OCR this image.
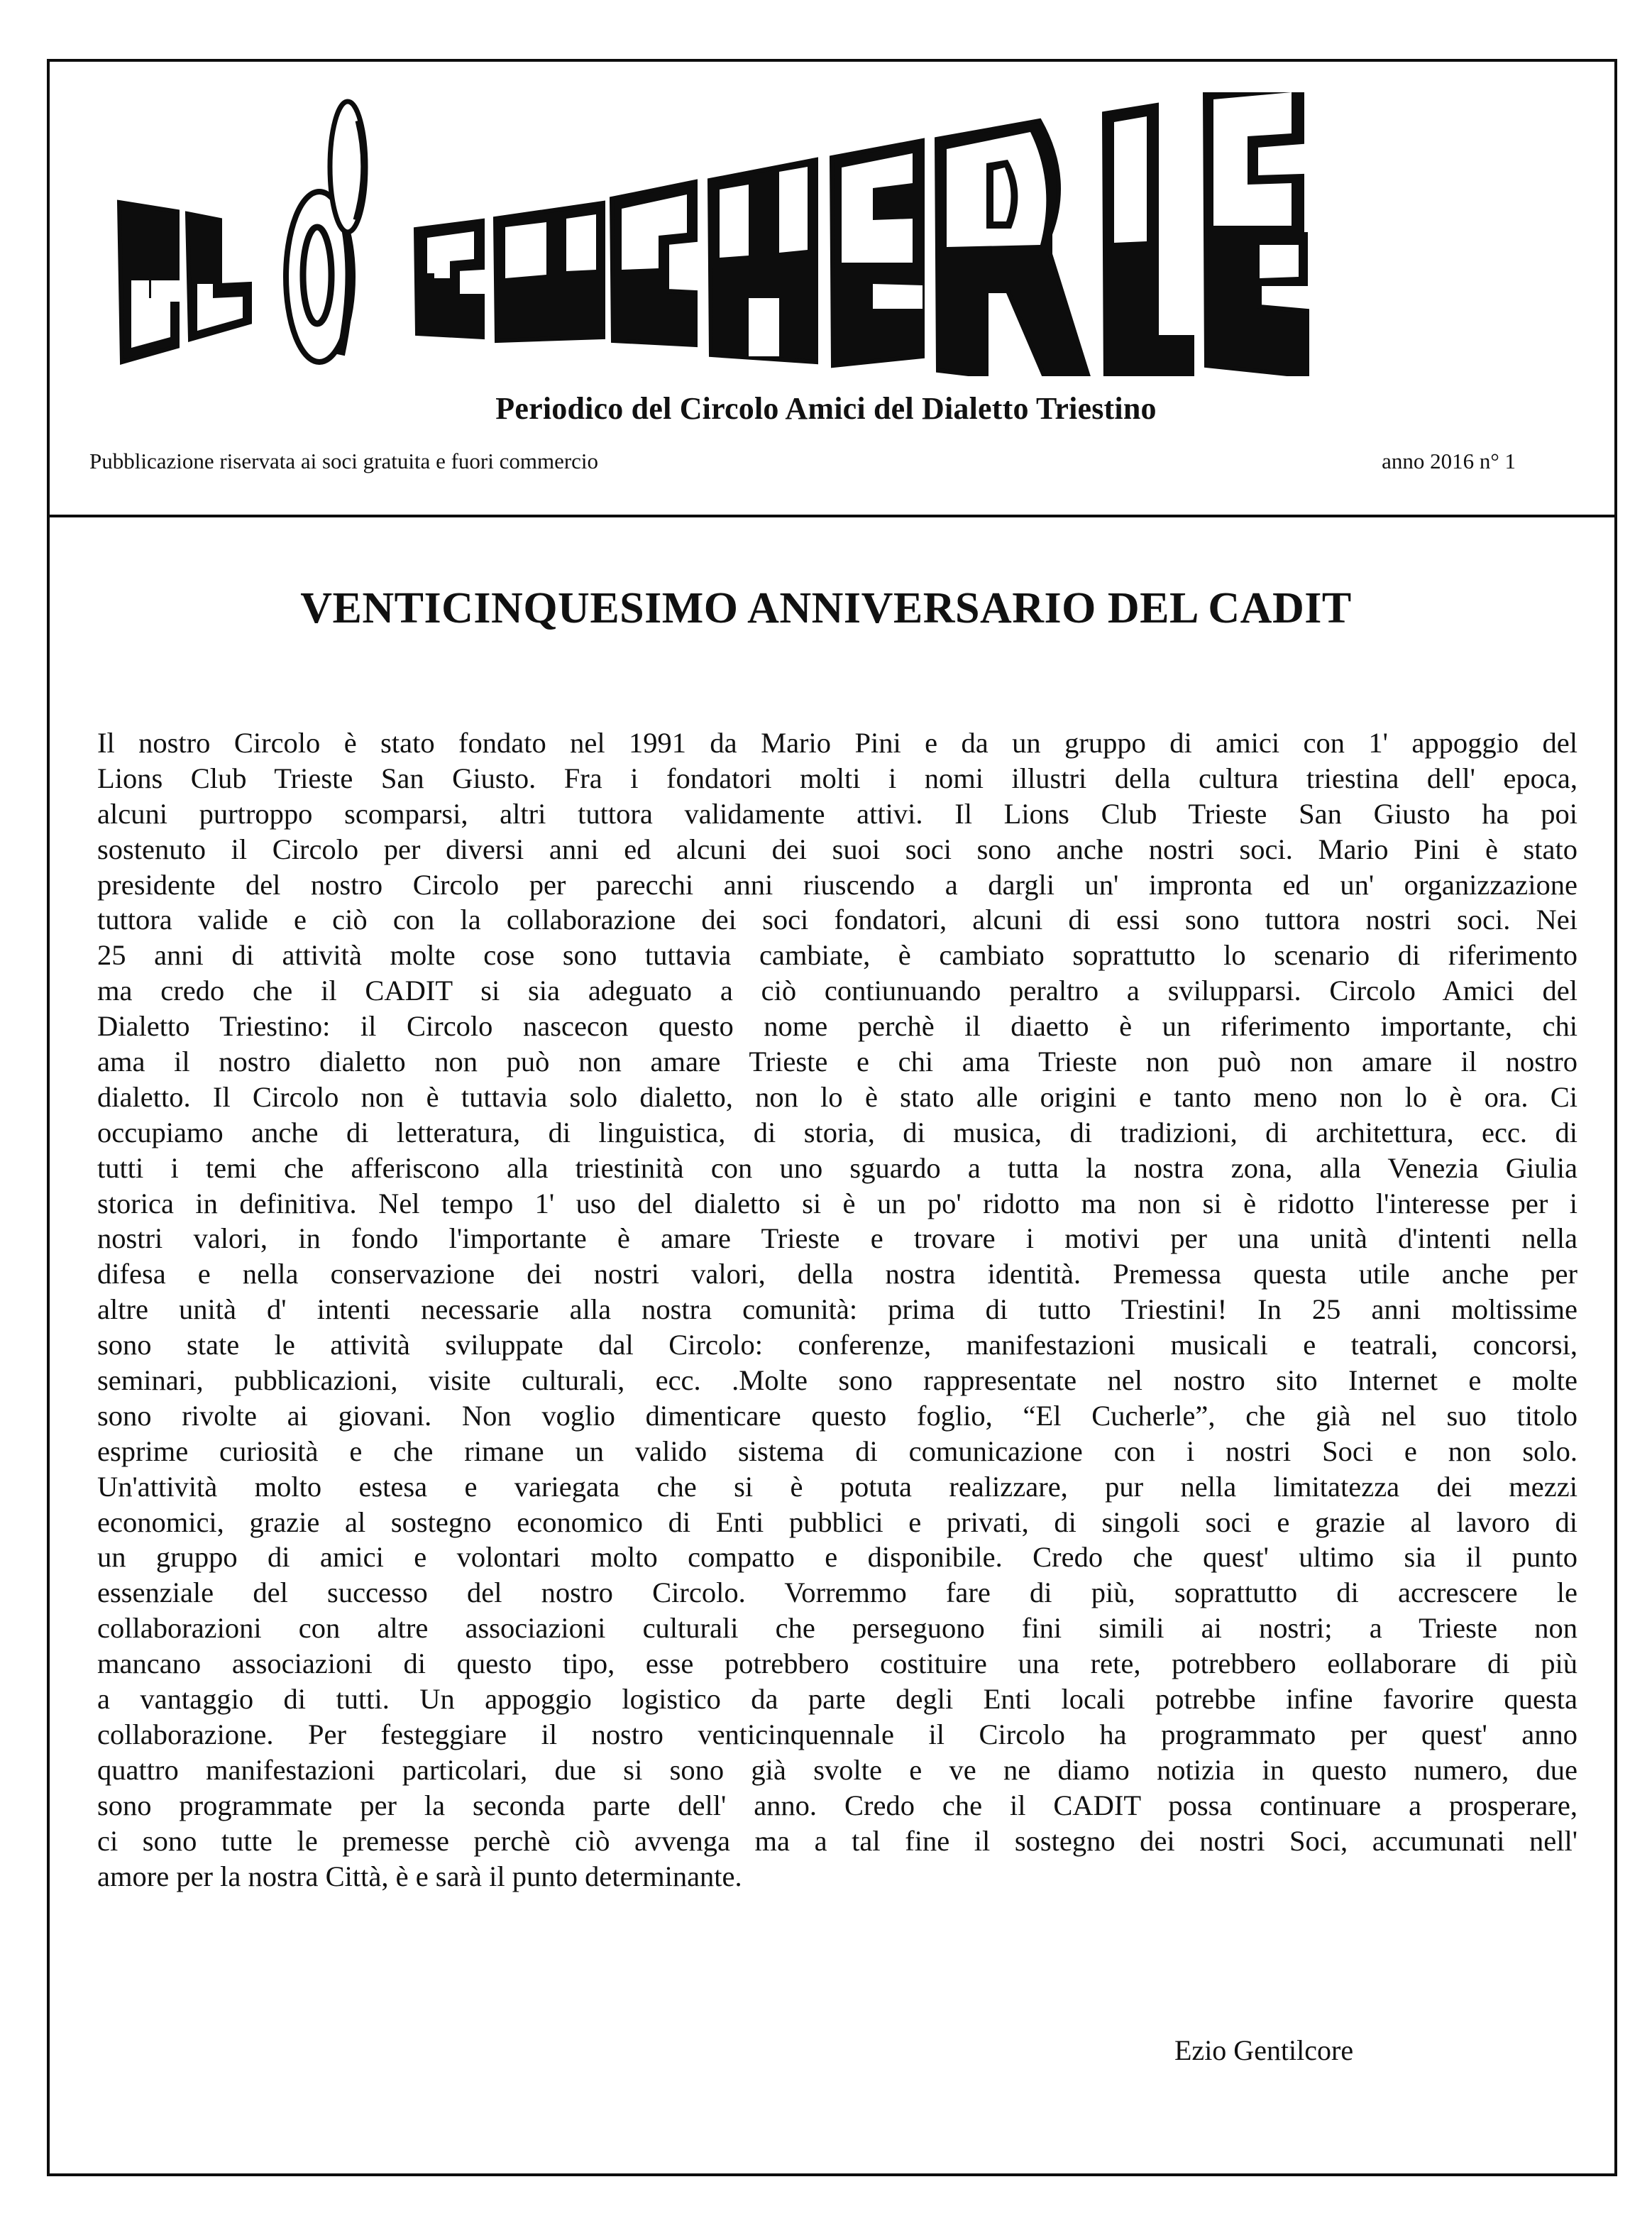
Periodico del Circolo Amici del Dialetto Triestino
Pubblicazione riservata ai soci gratuita e fuori commercio	anno 2016 n° 1
VENTICINQUESIMO ANNIVERSARIO DEL CADIT
Il nostro Circolo è stato fondato nel 1991 da Mario Pini e da un gruppo di amici con 1' appoggio del
Lions Club Trieste San Giusto. Fra i fondatori molti i nomi illustri della cultura triestina dell' epoca,
alcuni purtroppo scomparsi, altri tuttora validamente attivi. Il Lions Club Trieste San Giusto ha poi
sostenuto il Circolo per diversi anni ed alcuni dei suoi soci sono anche nostri soci. Mario Pini è stato
presidente del nostro Circolo per parecchi anni riuscendo a dargli un' impronta ed un' organizzazione
tuttora valide e ciò con la collaborazione dei soci fondatori, alcuni di essi sono tuttora nostri soci. Nei
25 anni di attività molte cose sono tuttavia cambiate, è cambiato soprattutto lo scenario di riferimento
ma credo che il CADIT si sia adeguato a ciò contiunuando peraltro a svilupparsi. Circolo Amici del
Dialetto Triestino: il Circolo nascecon questo nome perchè il diaetto è un riferimento importante, chi
ama il nostro dialetto non può non amare Trieste e chi ama Trieste non può non amare il nostro
dialetto. Il Circolo non è tuttavia solo dialetto, non lo è stato alle origini e tanto meno non lo è ora. Ci
occupiamo anche di letteratura, di linguistica, di storia, di musica, di tradizioni, di architettura, ecc. di
tutti i temi che afferiscono alla triestinità con uno sguardo a tutta la nostra zona, alla Venezia Giulia
storica in definitiva. Nel tempo 1' uso del dialetto si è un po' ridotto ma non si è ridotto l'interesse per i
nostri valori, in fondo l'importante è amare Trieste e trovare i motivi per una unità d'intenti nella
difesa e nella conservazione dei nostri valori, della nostra identità. Premessa questa utile anche per
altre unità d' intenti necessarie alla nostra comunità: prima di tutto Triestini! In 25 anni moltissime
sono state le attività sviluppate dal Circolo: conferenze, manifestazioni musicali e teatrali, concorsi,
seminari, pubblicazioni, visite culturali, ecc. .Molte sono rappresentate nel nostro sito Internet e molte
sono rivolte ai giovani. Non voglio dimenticare questo foglio, “El Cucherle”, che già nel suo titolo
esprime curiosità e che rimane un valido sistema di comunicazione con i nostri Soci e non solo.
Un'attività molto estesa e variegata che si è potuta realizzare, pur nella limitatezza dei mezzi
economici, grazie al sostegno economico di Enti pubblici e privati, di singoli soci e grazie al lavoro di
un gruppo di amici e volontari molto compatto e disponibile. Credo che quest' ultimo sia il punto
essenziale del successo del nostro Circolo. Vorremmo fare di più, soprattutto di accrescere le
collaborazioni con altre associazioni culturali che perseguono fini simili ai nostri; a Trieste non
mancano associazioni di questo tipo, esse potrebbero costituire una rete, potrebbero eollaborare di più
a vantaggio di tutti. Un appoggio logistico da parte degli Enti locali potrebbe infine favorire questa
collaborazione. Per festeggiare il nostro venticinquennale il Circolo ha programmato per quest' anno
quattro manifestazioni particolari, due si sono già svolte e ve ne diamo notizia in questo numero, due
sono programmate per la seconda parte dell' anno. Credo che il CADIT possa continuare a prosperare,
ci sono tutte le premesse perchè ciò avvenga ma a tal fine il sostegno dei nostri Soci, accumunati nell'
amore per la nostra Città, è e sarà il punto determinante.
Ezio Gentilcore
